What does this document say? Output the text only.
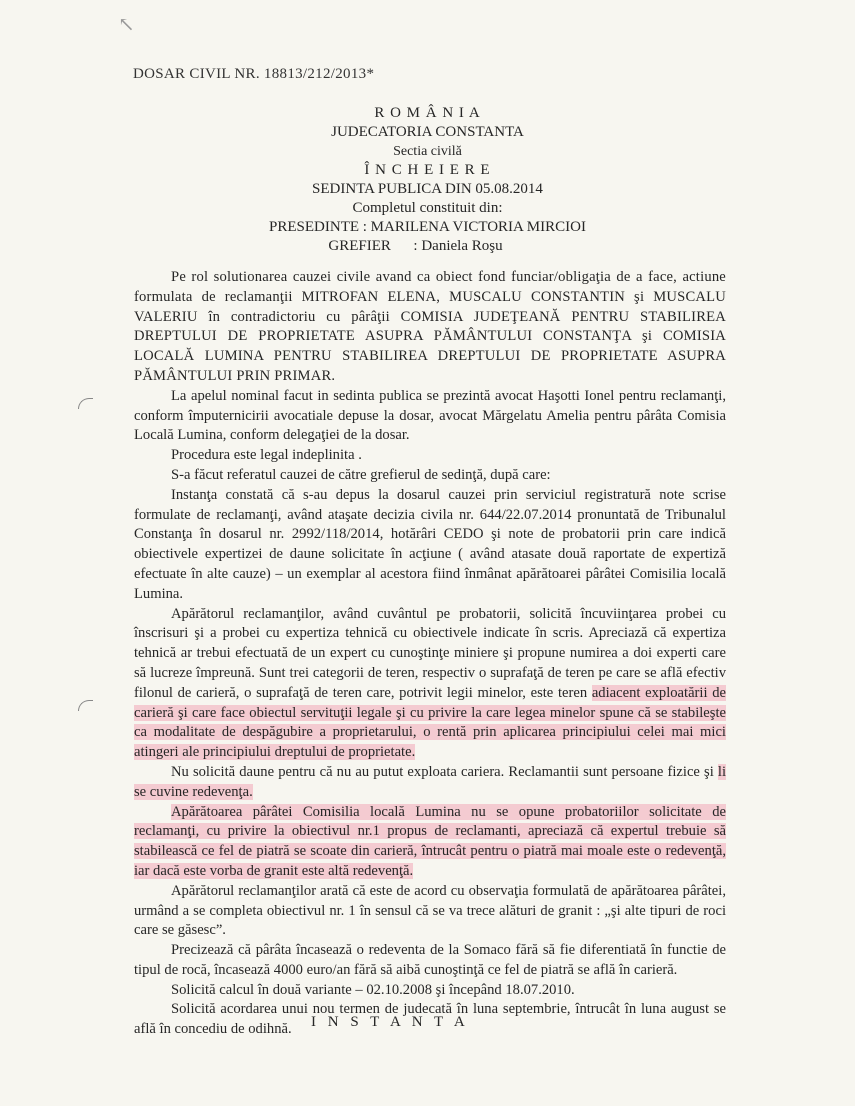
↖
DOSAR CIVIL NR. 18813/212/2013*
R O M Â N I A
JUDECATORIA CONSTANTA
Sectia civilă
Î N C H E I E R E
SEDINTA PUBLICA DIN 05.08.2014
Completul constituit din:
PRESEDINTE : MARILENA VICTORIA MIRCIOI
GREFIER      : Daniela Roşu

Pe rol solutionarea cauzei civile avand ca obiect fond funciar/obligaţia de a face, actiune formulata de reclamanţii MITROFAN ELENA, MUSCALU CONSTANTIN şi MUSCALU VALERIU în contradictoriu cu pârâţii COMISIA JUDEŢEANĂ PENTRU STABILIREA DREPTULUI DE PROPRIETATE ASUPRA PĂMÂNTULUI CONSTANŢA şi COMISIA LOCALĂ LUMINA PENTRU STABILIREA DREPTULUI DE PROPRIETATE ASUPRA PĂMÂNTULUI PRIN PRIMAR.

La apelul nominal facut in sedinta publica se prezintă avocat Haşotti Ionel pentru reclamanţi, conform împuternicirii avocatiale depuse la dosar, avocat Mărgelatu Amelia pentru pârâta Comisia Locală Lumina, conform delegaţiei de la dosar.

Procedura este legal indeplinita .

S-a făcut referatul cauzei de către grefierul de sedinţă, după care:

Instanţa constată că s-au depus la dosarul cauzei prin serviciul registratură note scrise formulate de reclamanţi, având ataşate decizia civila nr. 644/22.07.2014 pronuntată de Tribunalul Constanţa în dosarul nr. 2992/118/2014, hotărâri CEDO şi note de probatorii prin care indică obiectivele expertizei de daune solicitate în acţiune ( având atasate două raportate de expertiză efectuate în alte cauze) – un exemplar al acestora fiind înmânat apărătoarei pârâtei Comisilia locală Lumina.

Apărătorul reclamanţilor, având cuvântul pe probatorii, solicită încuviinţarea probei cu înscrisuri şi a probei cu expertiza tehnică cu obiectivele indicate în scris. Apreciază că expertiza tehnică ar trebui efectuată de un expert cu cunoştinţe miniere şi propune numirea a doi experti care să lucreze împreună. Sunt trei categorii de teren, respectiv o suprafaţă de teren pe care se află efectiv filonul de carieră, o suprafaţă de teren care, potrivit legii minelor, este teren adiacent exploatării de carieră şi care face obiectul servituţii legale şi cu privire la care legea minelor spune că se stabileşte ca modalitate de despăgubire a proprietarului, o rentă prin aplicarea principiului celei mai mici atingeri ale principiului dreptului de proprietate.

Nu solicită daune pentru că nu au putut exploata cariera. Reclamantii sunt persoane fizice şi li se cuvine redevenţa.

Apărătoarea pârâtei Comisilia locală Lumina nu se opune probatoriilor solicitate de reclamanţi, cu privire la obiectivul nr.1 propus de reclamanti, apreciază că expertul trebuie să stabilească ce fel de piatră se scoate din carieră, întrucât pentru o piatră mai moale este o redevenţă, iar dacă este vorba de granit este altă redevenţă.

Apărătorul reclamanţilor arată că este de acord cu observaţia formulată de apărătoarea pârâtei, urmând a se completa obiectivul nr. 1 în sensul că se va trece alături de granit : „şi alte tipuri de roci care se găsesc”.

Precizează că pârâta încasează o redeventa de la Somaco fără să fie diferentiată în functie de tipul de rocă, încasează 4000 euro/an fără să aibă cunoştinţă ce fel de piatră se află în carieră.

Solicită calcul în două variante – 02.10.2008 şi începând 18.07.2010.

Solicită acordarea unui nou termen de judecată în luna septembrie, întrucât în luna august se află în concediu de odihnă.	I N S T A N T A
